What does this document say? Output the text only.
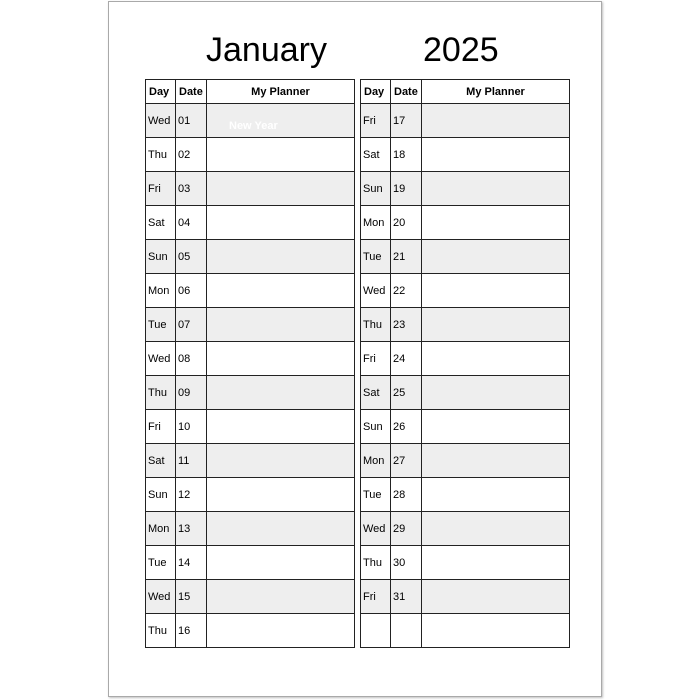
January	2025
Day	Date	My Planner
Wed	01	New Year

Thu	02	
Fri	03	
Sat	04	
Sun	05	
Mon	06	
Tue	07	
Wed	08	
Thu	09	
Fri	10	
Sat	11	
Sun	12	
Mon	13	
Tue	14	
Wed	15	
Thu	16	
Day	Date	My Planner
Fri	17	
Sat	18	
Sun	19	
Mon	20	
Tue	21	
Wed	22	
Thu	23	
Fri	24	
Sat	25	
Sun	26	
Mon	27	
Tue	28	
Wed	29	
Thu	30	
Fri	31	
